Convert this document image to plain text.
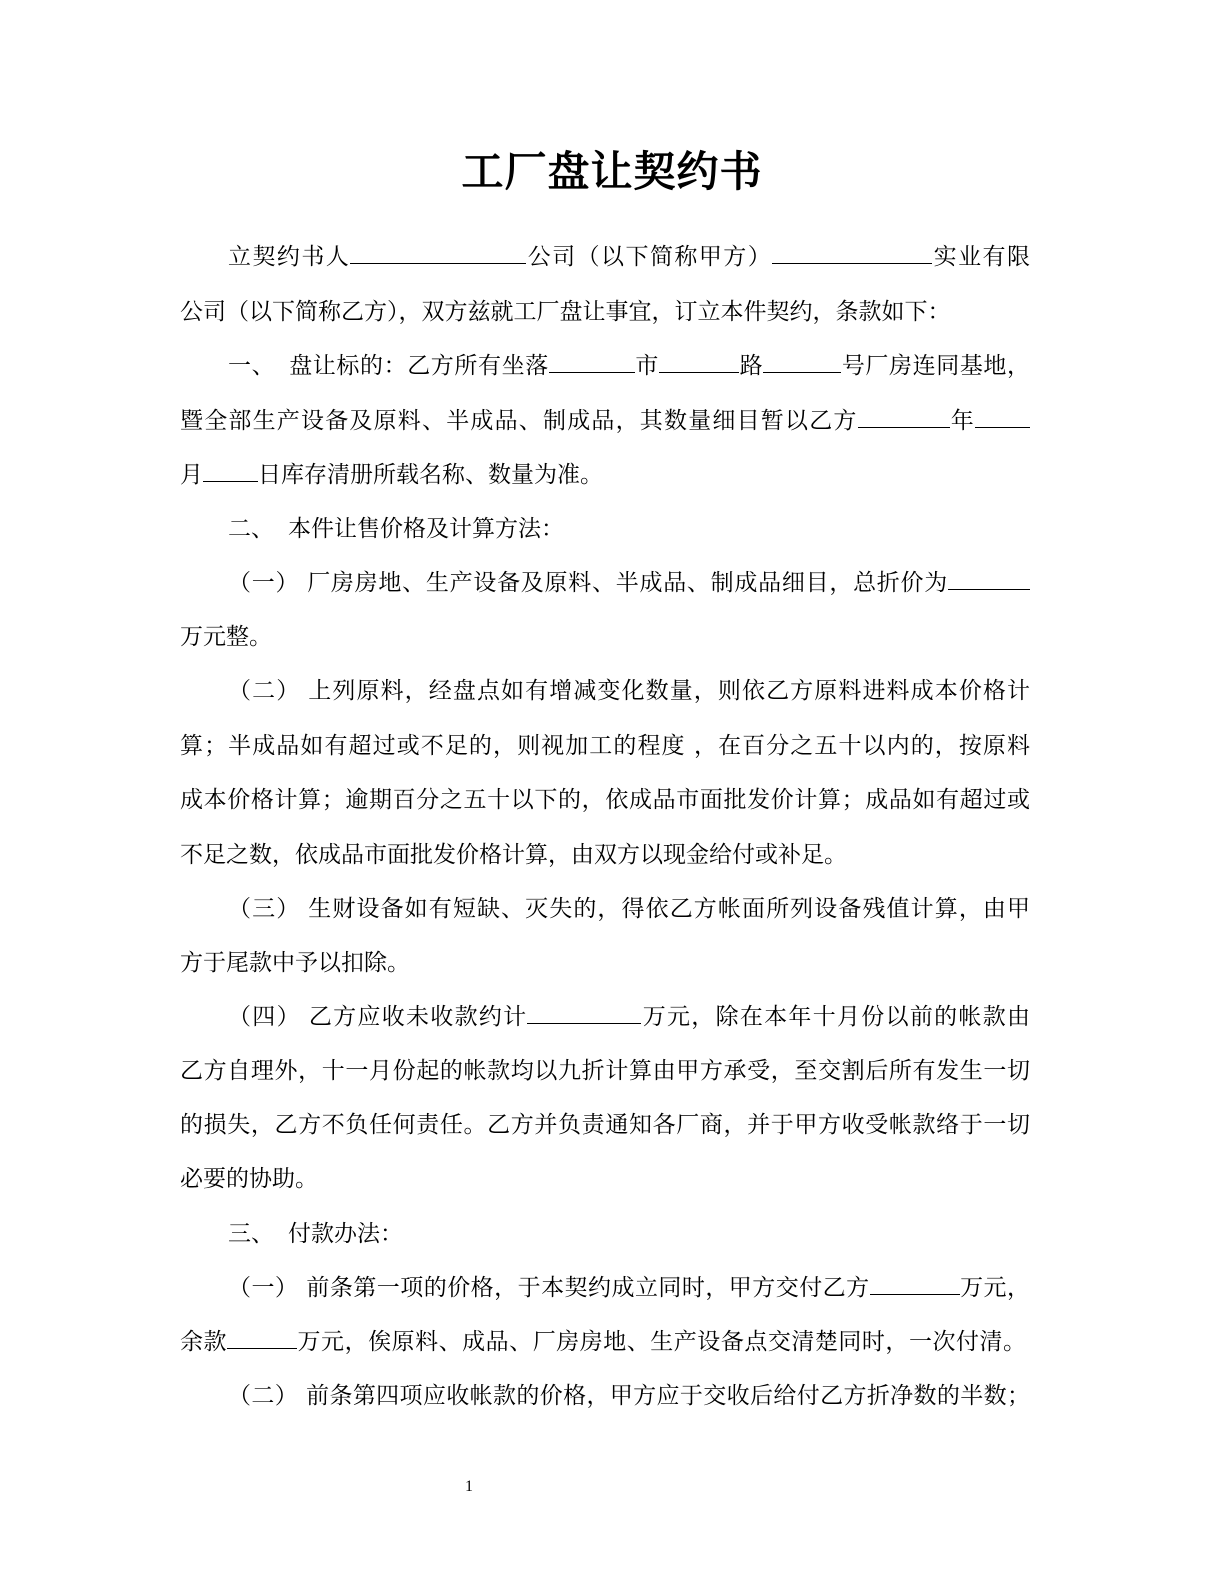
工厂盘让契约书
立契约书人	公司（以下简称甲方）	实业有限
公司（以下简称乙方），双方兹就工厂盘让事宜，订立本件契约，条款如下：
一、 盘让标的：乙方所有坐落	市	路	号厂房连同基地，
暨全部生产设备及原料、半成品、制成品，其数量细目暂以乙方	年
月 日库存清册所载名称、数量为准。
二、 本件让售价格及计算方法：
（一） 厂房房地、生产设备及原料、半成品、制成品细目，总折价为
万元整。
（二） 上列原料，经盘点如有增减变化数量，则依乙方原料进料成本价格计
算；半成品如有超过或不足的，则视加工的程度 ，在百分之五十以内的，按原料
成本价格计算；逾期百分之五十以下的，依成品市面批发价计算；成品如有超过或
不足之数，依成品市面批发价格计算，由双方以现金给付或补足。
（三） 生财设备如有短缺、灭失的，得依乙方帐面所列设备残值计算，由甲
方于尾款中予以扣除。
（四） 乙方应收未收款约计	万元，除在本年十月份以前的帐款由
乙方自理外，十一月份起的帐款均以九折计算由甲方承受，至交割后所有发生一切
的损失，乙方不负任何责任。乙方并负责通知各厂商，并于甲方收受帐款络于一切
必要的协助。
三、 付款办法：
（一） 前条第一项的价格，于本契约成立同时，甲方交付乙方	万元，
余款	万元，俟原料、成品、厂房房地、生产设备点交清楚同时，一次付清。
（二） 前条第四项应收帐款的价格，甲方应于交收后给付乙方折净数的半数；
1
